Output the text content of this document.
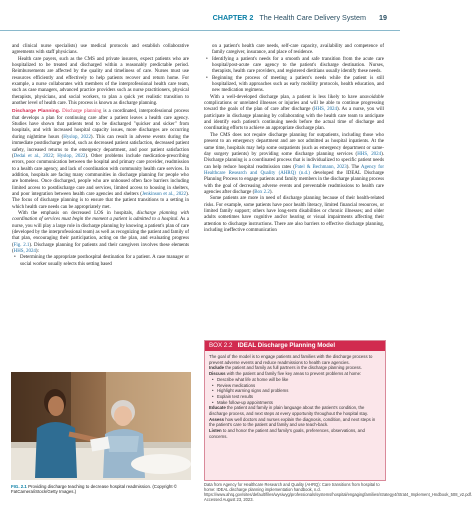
CHAPTER 2 The Health Care Delivery System	19

and clinical nurse specialists) use medical protocols and establish collaborative agreements with staff physicians.

Health care payers, such as the CMS and private insurers, expect patients who are hospitalized to be treated and discharged within a reasonably predictable period. Reimbursements are affected by the quality and timeliness of care. Nurses must use resources efficiently and effectively to help patients recover and return home. For example, a nurse collaborates with members of the interprofessional health care team, such as case managers, advanced practice providers such as nurse practitioners, physical therapists, physicians, and social workers, to plan a quick yet realistic transition to another level of health care. This process is known as discharge planning.

Discharge Planning. Discharge planning is a coordinated, interprofessional process that develops a plan for continuing care after a patient leaves a health care agency. Studies have shown that patients tend to be discharged "quicker and sicker" from hospitals, and with increased hospital capacity issues, more discharges are occurring during nighttime hours (Hyslop, 2022). This can result in adverse events during the immediate postdischarge period, such as decreased patient satisfaction, decreased patient safety, increased returns to the emergency department, and poor patient satisfaction (Dedai et al., 2022; Hyslop, 2022). Other problems include medication-prescribing errors, poor communication between the hospital and primary care provider, readmission to a health care agency, and lack of coordination with community health care services. In addition, hospitals are facing many communities in discharge planning for people who are homeless. Once discharged, people who are unhoused often face barriers including limited access to postdischarge care and services, limited access to housing in shelters, and poor integration between health care agencies and shelters (Jenkinson et al., 2022). The focus of discharge planning is to ensure that the patient transitions to a setting in which health care needs can be appropriately met.

With the emphasis on decreased LOS in hospitals, discharge planning with coordination of services must begin the moment a patient is admitted to a hospital. As a nurse, you will play a large role in discharge planning by knowing a patient's plan of care (developed by the interprofessional team) as well as recognizing the patient and family of that plan, encouraging their participation, acting on the plan, and evaluating progress (Fig. 2.1). Discharge planning for patients and their caregivers involves these elements (HHS, 2024):

• Determining the appropriate posthospital destination for a patient. A case manager or social worker usually selects this setting based

on a patient's health care needs, self-care capacity, availability and competence of family caregiver, insurance, and place of residence.

• Identifying a patient's needs for a smooth and safe transition from the acute care hospital/post-acute care agency to the patient's discharge destination. Nurses, therapists, health care providers, and registered dietitians usually identify these needs.
• Beginning the process of meeting a patient's needs while the patient is still hospitalized, with approaches such as early mobility protocols, health education, and new medication regimens.

With a well-developed discharge plan, a patient is less likely to have unavoidable complications or unrelated illnesses or injuries and will be able to continue progressing toward the goals of the plan of care after discharge (HHS, 2024). As a nurse, you will participate in discharge planning by collaborating with the health care team to anticipate and identify each patient's continuing needs before the actual time of discharge and coordinating efforts to achieve an appropriate discharge plan.

The CMS does not require discharge planning for outpatients, including those who present to an emergency department and are not admitted as hospital inpatients. At the same time, hospitals may help some outpatients (such as emergency department or same-day surgery patients) by providing some discharge planning services (HHS, 2024). Discharge planning is a coordinated process that is individualized to specific patient needs can help reduce hospital readmission rates (Patel & Bechmann, 2023). The Agency for Healthcare Research and Quality (AHRQ) (n.d.) developed the IDEAL Discharge Planning Process to engage patients and family members in the discharge planning process with the goal of decreasing adverse events and preventable readmissions to health care agencies after discharge (Box 2.2).

Some patients are more in need of discharge planning because of their health-related risks. For example, some patients have poor health literacy, limited financial resources, or limited family support; others have long-term disabilities or chronic illnesses; and older adults sometimes have cognitive and/or hearing or visual impairments affecting their attention to discharge instructions. There are also barriers to effective discharge planning, including ineffective communication

FIG. 2.1 Providing discharge teaching to decrease hospital readmission. (Copyright © FatCamera/iStock/Getty Images.)
BOX 2.2 IDEAL Discharge Planning Model

The goal of the model is to engage patients and families with the discharge process to prevent adverse events and reduce readmissions to health care agencies.

Include the patient and family as full partners in the discharge planning process.

Discuss with the patient and family five key areas to prevent problems at home:

• Describe what life at home will be like

• Review medications

• Highlight warning signs and problems

• Explain test results

• Make follow-up appointments

Educate the patient and family in plain language about the patient's condition, the discharge process, and next steps at every opportunity throughout the hospital stay.

Assess how well doctors and nurses explain the diagnosis, condition, and next steps in the patient's care to the patient and family and use teach-back.

Listen to and honor the patient and family's goals, preferences, observations, and concerns.

Data from Agency for Healthcare Research and Quality (AHRQ): Care transitions from hospital to home: IDEAL discharge planning implementation handbook, n.d. https://www.ahrq.gov/sites/default/files/wysiwyg/professionals/systems/hospital/engagingfamilies/strategy4/Strat4_Implement_Hndbook_508_v2.pdf. Accessed August 23, 2023.
